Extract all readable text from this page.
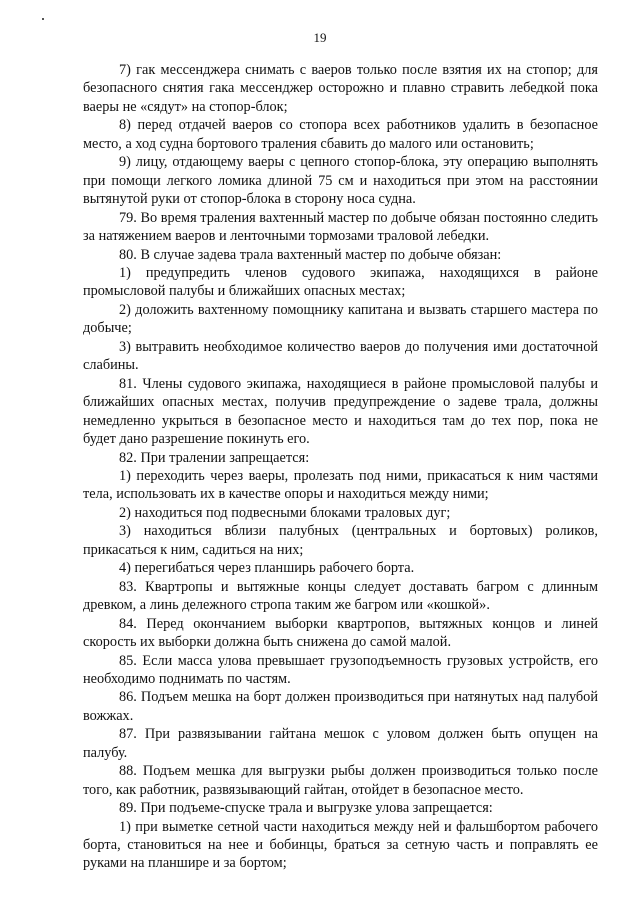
19

7) гак мессенджера снимать с ваеров только после взятия их на стопор; для безопасного снятия гака мессенджер осторожно и плавно стравить лебедкой пока ваеры не «сядут» на стопор-блок;

8) перед отдачей ваеров со стопора всех работников удалить в безопасное место, а ход судна бортового траления сбавить до малого или остановить;

9) лицу, отдающему ваеры с цепного стопор-блока, эту операцию выполнять при помощи легкого ломика длиной 75 см и находиться при этом на расстоянии вытянутой руки от стопор-блока в сторону носа судна.

79. Во время траления вахтенный мастер по добыче обязан постоянно следить за натяжением ваеров и ленточными тормозами траловой лебедки.

80. В случае задева трала вахтенный мастер по добыче обязан:

1) предупредить членов судового экипажа, находящихся в районе промысловой палубы и ближайших опасных местах;

2) доложить вахтенному помощнику капитана и вызвать старшего мастера по добыче;

3) вытравить необходимое количество ваеров до получения ими достаточной слабины.

81. Члены судового экипажа, находящиеся в районе промысловой палубы и ближайших опасных местах, получив предупреждение о задеве трала, должны немедленно укрыться в безопасное место и находиться там до тех пор, пока не будет дано разрешение покинуть его.

82. При тралении запрещается:

1) переходить через ваеры, пролезать под ними, прикасаться к ним частями тела, использовать их в качестве опоры и находиться между ними;

2) находиться под подвесными блоками траловых дуг;

3) находиться вблизи палубных (центральных и бортовых) роликов, прикасаться к ним, садиться на них;

4) перегибаться через планширь рабочего борта.

83. Квартропы и вытяжные концы следует доставать багром с длинным древком, а линь дележного стропа таким же багром или «кошкой».

84. Перед окончанием выборки квартропов, вытяжных концов и линей скорость их выборки должна быть снижена до самой малой.

85. Если масса улова превышает грузоподъемность грузовых устройств, его необходимо поднимать по частям.

86. Подъем мешка на борт должен производиться при натянутых над палубой вожжах.

87. При развязывании гайтана мешок с уловом должен быть опущен на палубу.

88. Подъем мешка для выгрузки рыбы должен производиться только после того, как работник, развязывающий гайтан, отойдет в безопасное место.

89. При подъеме-спуске трала и выгрузке улова запрещается:

1) при выметке сетной части находиться между ней и фальшбортом рабочего борта, становиться на нее и бобинцы, браться за сетную часть и поправлять ее руками на планшире и за бортом;
